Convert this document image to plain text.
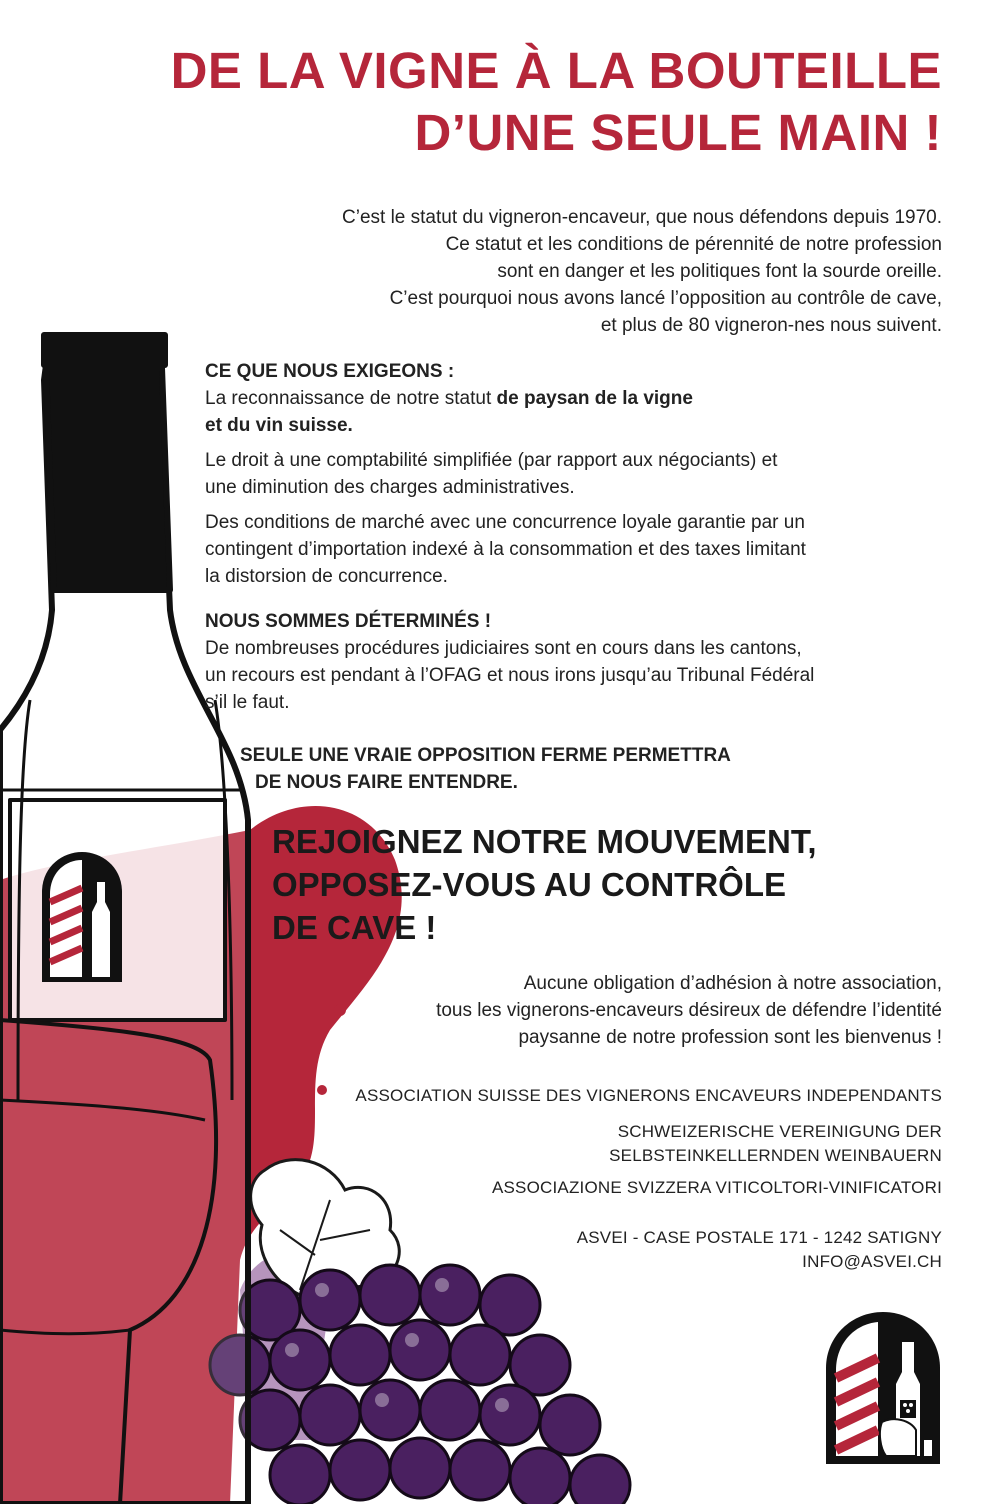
DE LA VIGNE À LA BOUTEILLE
D’UNE SEULE MAIN !
C’est le statut du vigneron-encaveur, que nous défendons depuis 1970.
Ce statut et les conditions de pérennité de notre profession
sont en danger et les politiques font la sourde oreille.
C’est pourquoi nous avons lancé l’opposition au contrôle de cave,
et plus de 80 vigneron-nes nous suivent.
CE QUE NOUS EXIGEONS :

La reconnaissance de notre statut de paysan de la vigne
et du vin suisse.

Le droit à une comptabilité simplifiée (par rapport aux négociants) et
une diminution des charges administratives.

Des conditions de marché avec une concurrence loyale garantie par un
contingent d’importation indexé à la consommation et des taxes limitant
la distorsion de concurrence.

NOUS SOMMES DÉTERMINÉS !
De nombreuses procédures judiciaires sont en cours dans les cantons,
un recours est pendant à l’OFAG et nous irons jusqu’au Tribunal Fédéral
s’il le faut.
SEULE UNE VRAIE OPPOSITION FERME PERMETTRA
DE NOUS FAIRE ENTENDRE.
REJOIGNEZ NOTRE MOUVEMENT,
OPPOSEZ-VOUS AU CONTRÔLE
DE CAVE !
Aucune obligation d’adhésion à notre association,
tous les vignerons-encaveurs désireux de défendre l’identité
paysanne de notre profession sont les bienvenus !
ASSOCIATION SUISSE DES VIGNERONS ENCAVEURS INDEPENDANTS
SCHWEIZERISCHE VEREINIGUNG DER
SELBSTEINKELLERNDEN WEINBAUERN
ASSOCIAZIONE SVIZZERA VITICOLTORI-VINIFICATORI
ASVEI - CASE POSTALE 171 - 1242 SATIGNY
INFO@ASVEI.CH
